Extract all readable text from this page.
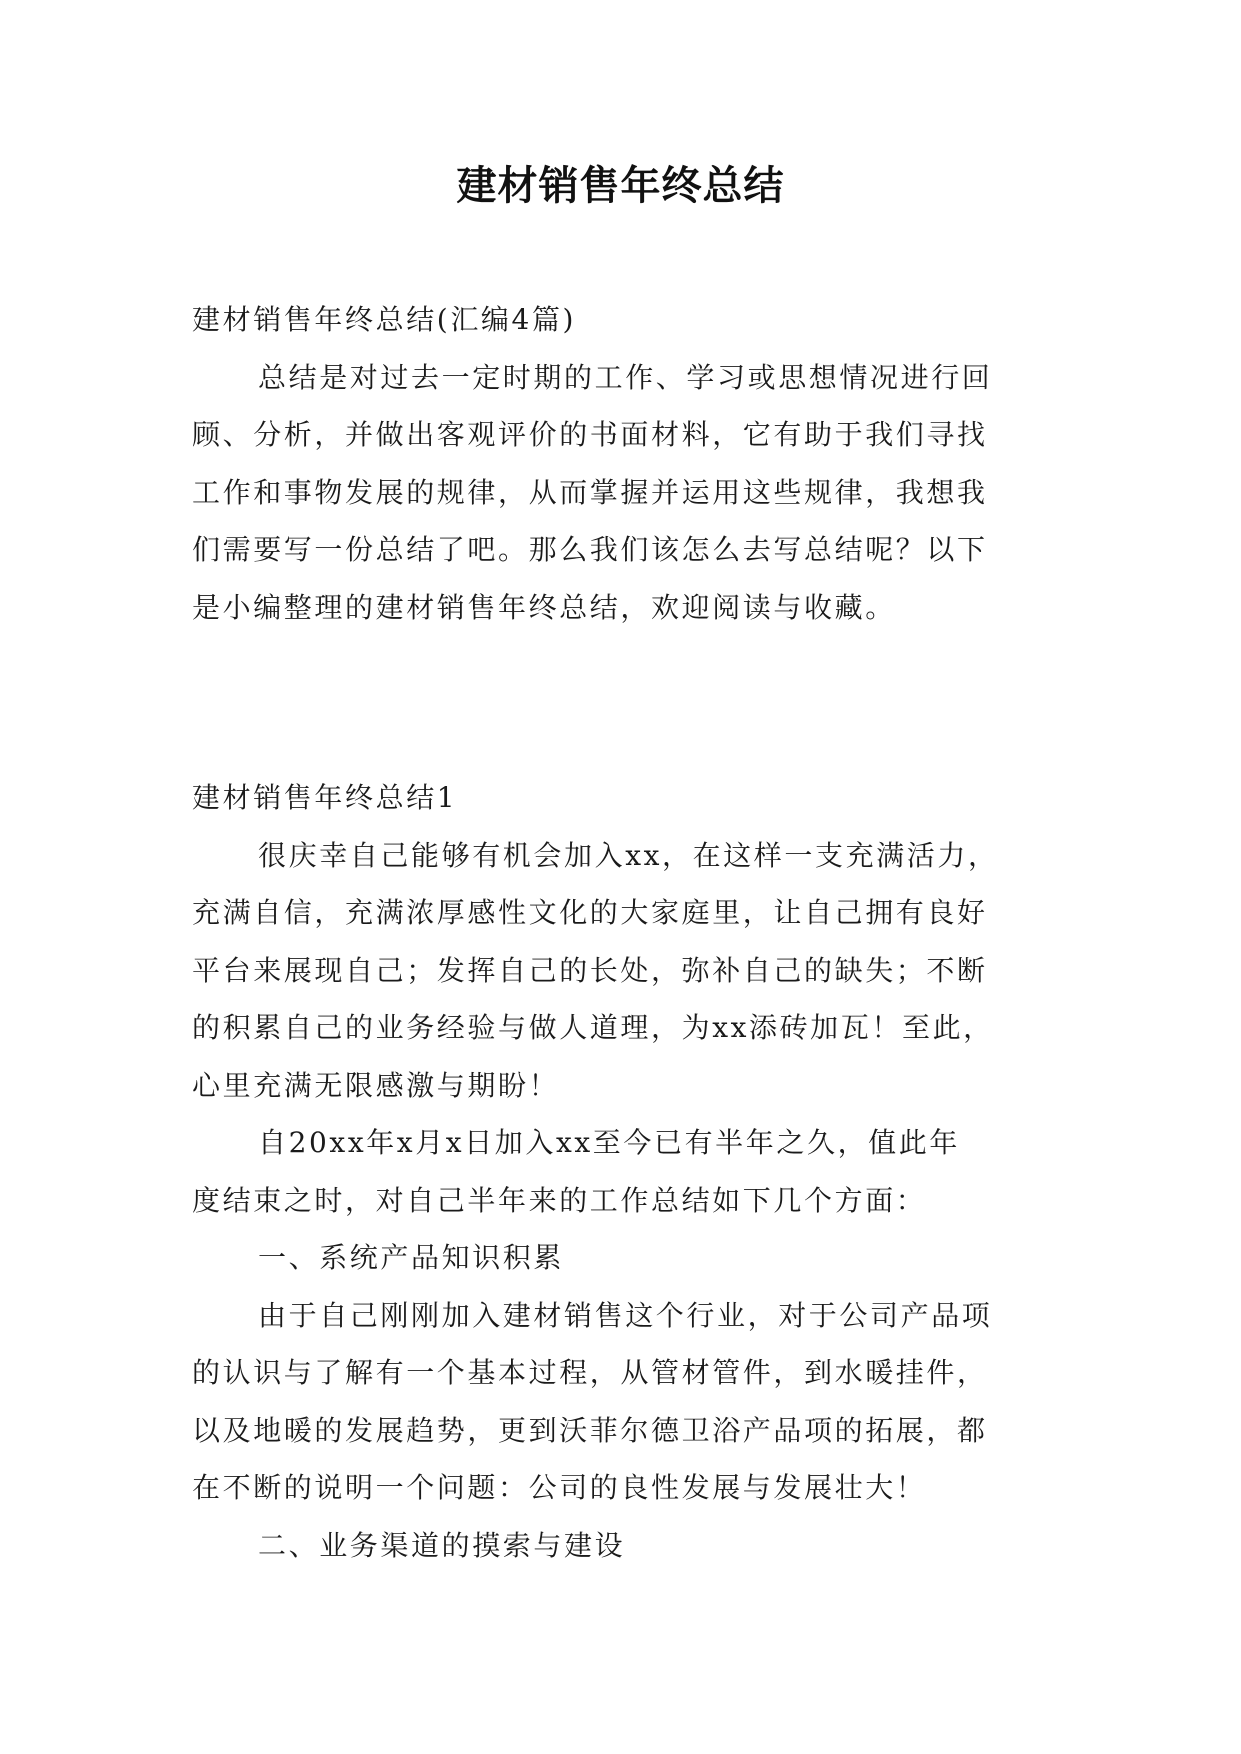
建材销售年终总结
建材销售年终总结(汇编4篇)
总结是对过去一定时期的工作、学习或思想情况进行回
顾、分析，并做出客观评价的书面材料，它有助于我们寻找
工作和事物发展的规律，从而掌握并运用这些规律，我想我
们需要写一份总结了吧。那么我们该怎么去写总结呢？以下
是小编整理的建材销售年终总结，欢迎阅读与收藏。
建材销售年终总结1
很庆幸自己能够有机会加入xx，在这样一支充满活力，
充满自信，充满浓厚感性文化的大家庭里，让自己拥有良好
平台来展现自己；发挥自己的长处，弥补自己的缺失；不断
的积累自己的业务经验与做人道理，为xx添砖加瓦！至此，
心里充满无限感激与期盼！
自20xx年x月x日加入xx至今已有半年之久，值此年
度结束之时，对自己半年来的工作总结如下几个方面：
一、系统产品知识积累
由于自己刚刚加入建材销售这个行业，对于公司产品项
的认识与了解有一个基本过程，从管材管件，到水暖挂件，
以及地暖的发展趋势，更到沃菲尔德卫浴产品项的拓展，都
在不断的说明一个问题：公司的良性发展与发展壮大！
二、业务渠道的摸索与建设
